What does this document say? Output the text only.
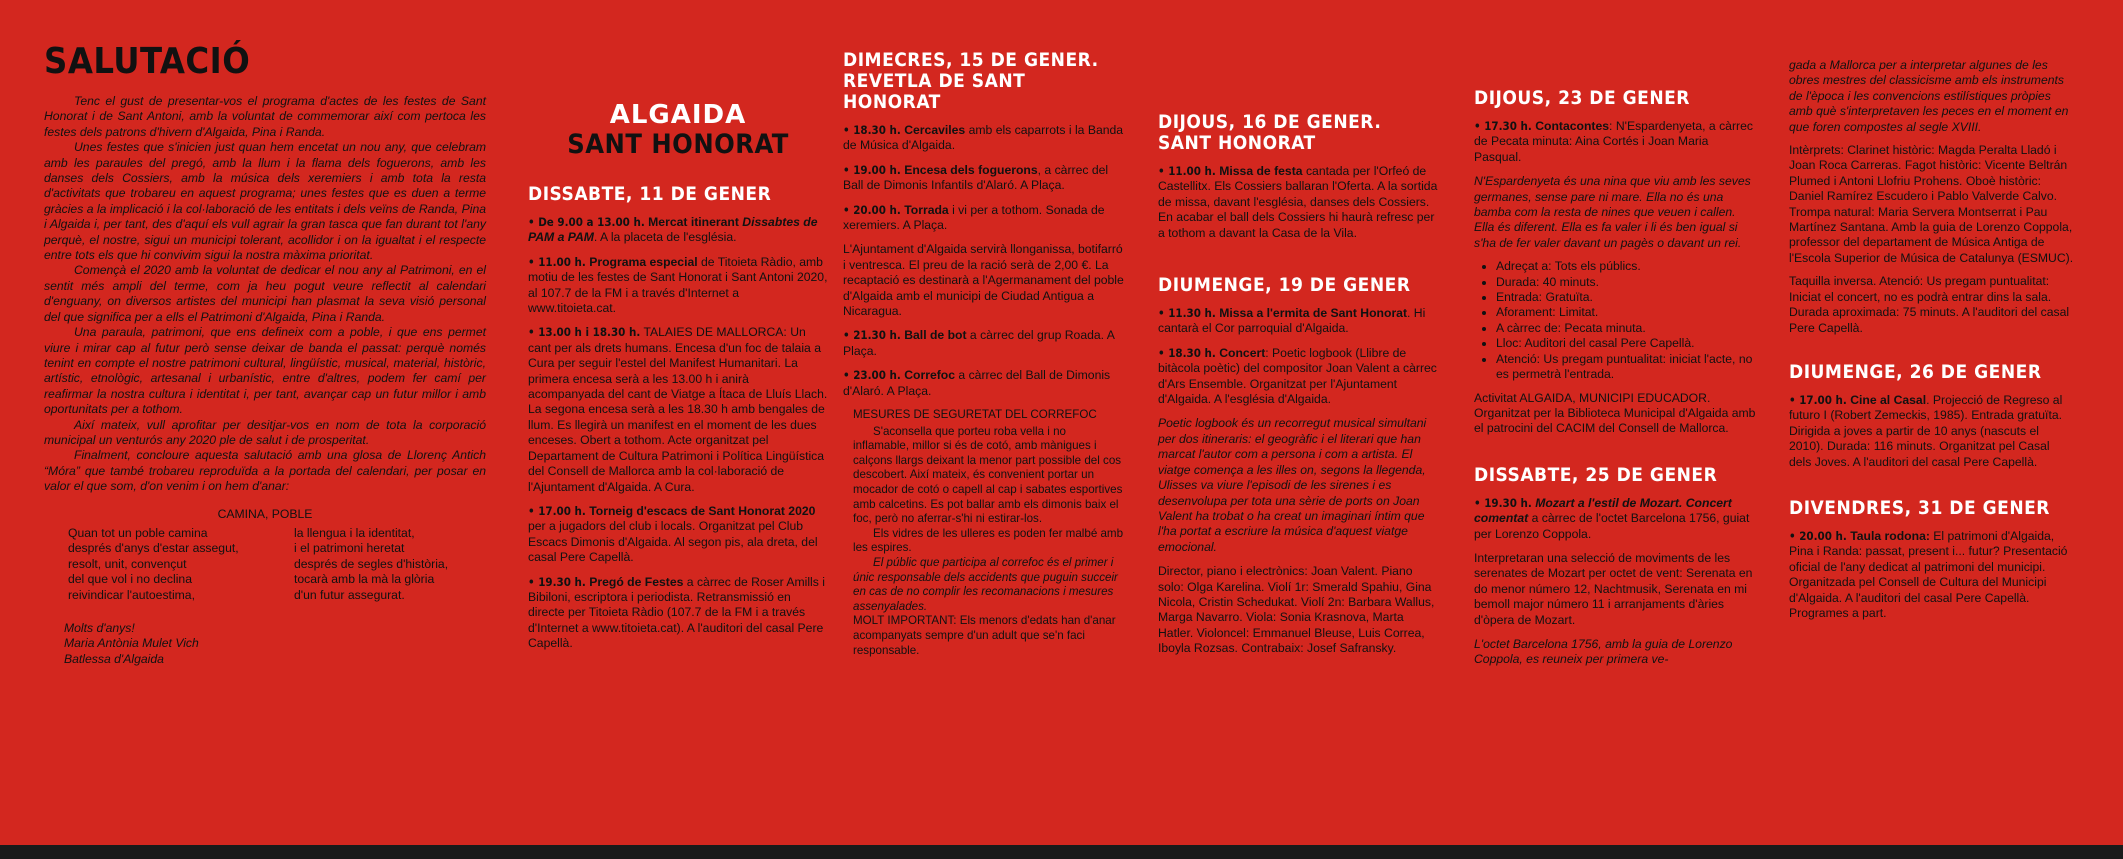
SALUTACIÓ

Tenc el gust de presentar-vos el programa d'actes de les festes de Sant Honorat i de Sant Antoni, amb la voluntat de commemorar així com pertoca les festes dels patrons d'hivern d'Algaida, Pina i Randa.

Unes festes que s'inicien just quan hem encetat un nou any, que celebram amb les paraules del pregó, amb la llum i la flama dels foguerons, amb les danses dels Cossiers, amb la música dels xeremiers i amb tota la resta d'activitats que trobareu en aquest programa; unes festes que es duen a terme gràcies a la implicació i la col·laboració de les entitats i dels veïns de Randa, Pina i Algaida i, per tant, des d'aquí els vull agrair la gran tasca que fan durant tot l'any perquè, el nostre, sigui un municipi tolerant, acollidor i on la igualtat i el respecte entre tots els que hi convivim sigui la nostra màxima prioritat.

Començà el 2020 amb la voluntat de dedicar el nou any al Patrimoni, en el sentit més ampli del terme, com ja heu pogut veure reflectit al calendari d'enguany, on diversos artistes del municipi han plasmat la seva visió personal del que significa per a ells el Patrimoni d'Algaida, Pina i Randa.

Una paraula, patrimoni, que ens defineix com a poble, i que ens permet viure i mirar cap al futur però sense deixar de banda el passat: perquè només tenint en compte el nostre patrimoni cultural, lingüístic, musical, material, històric, artístic, etnològic, artesanal i urbanístic, entre d'altres, podem fer camí per reafirmar la nostra cultura i identitat i, per tant, avançar cap un futur millor i amb oportunitats per a tothom.

Així mateix, vull aprofitar per desitjar-vos en nom de tota la corporació municipal un venturós any 2020 ple de salut i de prosperitat.

Finalment, concloure aquesta salutació amb una glosa de Llorenç Antich “Móra” que també trobareu reproduïda a la portada del calendari, per posar en valor el que som, d'on venim i on hem d'anar:

CAMINA, POBLE
Quan tot un poble camina
després d'anys d'estar assegut,
resolt, unit, convençut
del que vol i no declina
reivindicar l'autoestima,
la llengua i la identitat,
i el patrimoni heretat
després de segles d'història,
tocarà amb la mà la glòria
d'un futur assegurat.
Molts d'anys!
Maria Antònia Mulet Vich
Batlessa d'Algaida
ALGAIDA
SANT HONORAT
DISSABTE, 11 DE GENER
• De 9.00 a 13.00 h. Mercat itinerant Dissabtes de PAM a PAM. A la placeta de l'església.
• 11.00 h. Programa especial de Titoieta Ràdio, amb motiu de les festes de Sant Honorat i Sant Antoni 2020, al 107.7 de la FM i a través d'Internet a www.titoieta.cat.
• 13.00 h i 18.30 h. TALAIES DE MALLORCA: Un cant per als drets humans. Encesa d'un foc de talaia a Cura per seguir l'estel del Manifest Humanitari. La primera encesa serà a les 13.00 h i anirà acompanyada del cant de Viatge a Ítaca de Lluís Llach. La segona encesa serà a les 18.30 h amb bengales de llum. Es llegirà un manifest en el moment de les dues enceses. Obert a tothom. Acte organitzat pel Departament de Cultura Patrimoni i Política Lingüística del Consell de Mallorca amb la col·laboració de l'Ajuntament d'Algaida. A Cura.
• 17.00 h. Torneig d'escacs de Sant Honorat 2020 per a jugadors del club i locals. Organitzat pel Club Escacs Dimonis d'Algaida. Al segon pis, ala dreta, del casal Pere Capellà.
• 19.30 h. Pregó de Festes a càrrec de Roser Amills i Bibiloni, escriptora i periodista. Retransmissió en directe per Titoieta Ràdio (107.7 de la FM i a través d'Internet a www.titoieta.cat). A l'auditori del casal Pere Capellà.
DIMECRES, 15 DE GENER.
REVETLA DE SANT HONORAT
• 18.30 h. Cercaviles amb els caparrots i la Banda de Música d'Algaida.
• 19.00 h. Encesa dels foguerons, a càrrec del Ball de Dimonis Infantils d'Alaró. A Plaça.
• 20.00 h. Torrada i vi per a tothom. Sonada de xeremiers. A Plaça.

L'Ajuntament d'Algaida servirà llonganissa, botifarró i ventresca. El preu de la ració serà de 2,00 €. La recaptació es destinarà a l'Agermanament del poble d'Algaida amb el municipi de Ciudad Antigua a Nicaragua.

• 21.30 h. Ball de bot a càrrec del grup Roada. A Plaça.
• 23.00 h. Correfoc a càrrec del Ball de Dimonis d'Alaró. A Plaça.
MESURES DE SEGURETAT DEL CORREFOC

S'aconsella que porteu roba vella i no inflamable, millor si és de cotó, amb mànigues i calçons llargs deixant la menor part possible del cos descobert. Així mateix, és convenient portar un mocador de cotó o capell al cap i sabates esportives amb calcetins. Es pot ballar amb els dimonis baix el foc, però no aferrar-s'hi ni estirar-los.

Els vidres de les ulleres es poden fer malbé amb les espires.

El públic que participa al correfoc és el primer i únic responsable dels accidents que puguin succeir en cas de no complir les recomanacions i mesures assenyalades.

MOLT IMPORTANT: Els menors d'edats han d'anar acompanyats sempre d'un adult que se'n faci responsable.

DIJOUS, 16 DE GENER.
SANT HONORAT
• 11.00 h. Missa de festa cantada per l'Orfeó de Castellitx. Els Cossiers ballaran l'Oferta. A la sortida de missa, davant l'església, danses dels Cossiers. En acabar el ball dels Cossiers hi haurà refresc per a tothom a davant la Casa de la Vila.
DIUMENGE, 19 DE GENER
• 11.30 h. Missa a l'ermita de Sant Honorat. Hi cantarà el Cor parroquial d'Algaida.
• 18.30 h. Concert: Poetic logbook (Llibre de bitàcola poètic) del compositor Joan Valent a càrrec d'Ars Ensemble. Organitzat per l'Ajuntament d'Algaida. A l'església d'Algaida.

Poetic logbook és un recorregut musical simultani per dos itineraris: el geogràfic i el literari que han marcat l'autor com a persona i com a artista. El viatge comença a les illes on, segons la llegenda, Ulisses va viure l'episodi de les sirenes i es desenvolupa per tota una sèrie de ports on Joan Valent ha trobat o ha creat un imaginari íntim que l'ha portat a escriure la música d'aquest viatge emocional.

Director, piano i electrònics: Joan Valent. Piano solo: Olga Karelina. Violí 1r: Smerald Spahiu, Gina Nicola, Cristin Schedukat. Violí 2n: Barbara Wallus, Marga Navarro. Viola: Sonia Krasnova, Marta Hatler. Violoncel: Emmanuel Bleuse, Luis Correa, Iboyla Rozsas. Contrabaix: Josef Safransky.

DIJOUS, 23 DE GENER
• 17.30 h. Contacontes: N'Espardenyeta, a càrrec de Pecata minuta: Aina Cortés i Joan Maria Pasqual.

N'Espardenyeta és una nina que viu amb les seves germanes, sense pare ni mare. Ella no és una bamba com la resta de nines que veuen i callen. Ella és diferent. Ella es fa valer i li és ben igual si s'ha de fer valer davant un pagès o davant un rei.

• Adreçat a: Tots els públics.
• Durada: 40 minuts.
• Entrada: Gratuïta.
• Aforament: Limitat.
• A càrrec de: Pecata minuta.
• Lloc: Auditori del casal Pere Capellà.
• Atenció: Us pregam puntualitat: iniciat l'acte, no es permetrà l'entrada.

Activitat ALGAIDA, MUNICIPI EDUCADOR. Organitzat per la Biblioteca Municipal d'Algaida amb el patrocini del CACIM del Consell de Mallorca.

DISSABTE, 25 DE GENER
• 19.30 h. Mozart a l'estil de Mozart. Concert comentat a càrrec de l'octet Barcelona 1756, guiat per Lorenzo Coppola.

Interpretaran una selecció de moviments de les serenates de Mozart per octet de vent: Serenata en do menor número 12, Nachtmusik, Serenata en mi bemoll major número 11 i arranjaments d'àries d'òpera de Mozart.

L'octet Barcelona 1756, amb la guia de Lorenzo Coppola, es reuneix per primera ve-

gada a Mallorca per a interpretar algunes de les obres mestres del classicisme amb els instruments de l'època i les convencions estilístiques pròpies amb què s'interpretaven les peces en el moment en que foren compostes al segle XVIII.

Intèrprets: Clarinet històric: Magda Peralta Lladó i Joan Roca Carreras. Fagot històric: Vicente Beltrán Plumed i Antoni Llofriu Prohens. Oboè històric: Daniel Ramírez Escudero i Pablo Valverde Calvo. Trompa natural: Maria Servera Montserrat i Pau Martínez Santana. Amb la guia de Lorenzo Coppola, professor del departament de Música Antiga de l'Escola Superior de Música de Catalunya (ESMUC).

Taquilla inversa. Atenció: Us pregam puntualitat: Iniciat el concert, no es podrà entrar dins la sala. Durada aproximada: 75 minuts. A l'auditori del casal Pere Capellà.

DIUMENGE, 26 DE GENER
• 17.00 h. Cine al Casal. Projecció de Regreso al futuro I (Robert Zemeckis, 1985). Entrada gratuïta. Dirigida a joves a partir de 10 anys (nascuts el 2010). Durada: 116 minuts. Organitzat pel Casal dels Joves. A l'auditori del casal Pere Capellà.
DIVENDRES, 31 DE GENER
• 20.00 h. Taula rodona: El patrimoni d'Algaida, Pina i Randa: passat, present i... futur? Presentació oficial de l'any dedicat al patrimoni del municipi. Organitzada pel Consell de Cultura del Municipi d'Algaida. A l'auditori del casal Pere Capellà. Programes a part.
